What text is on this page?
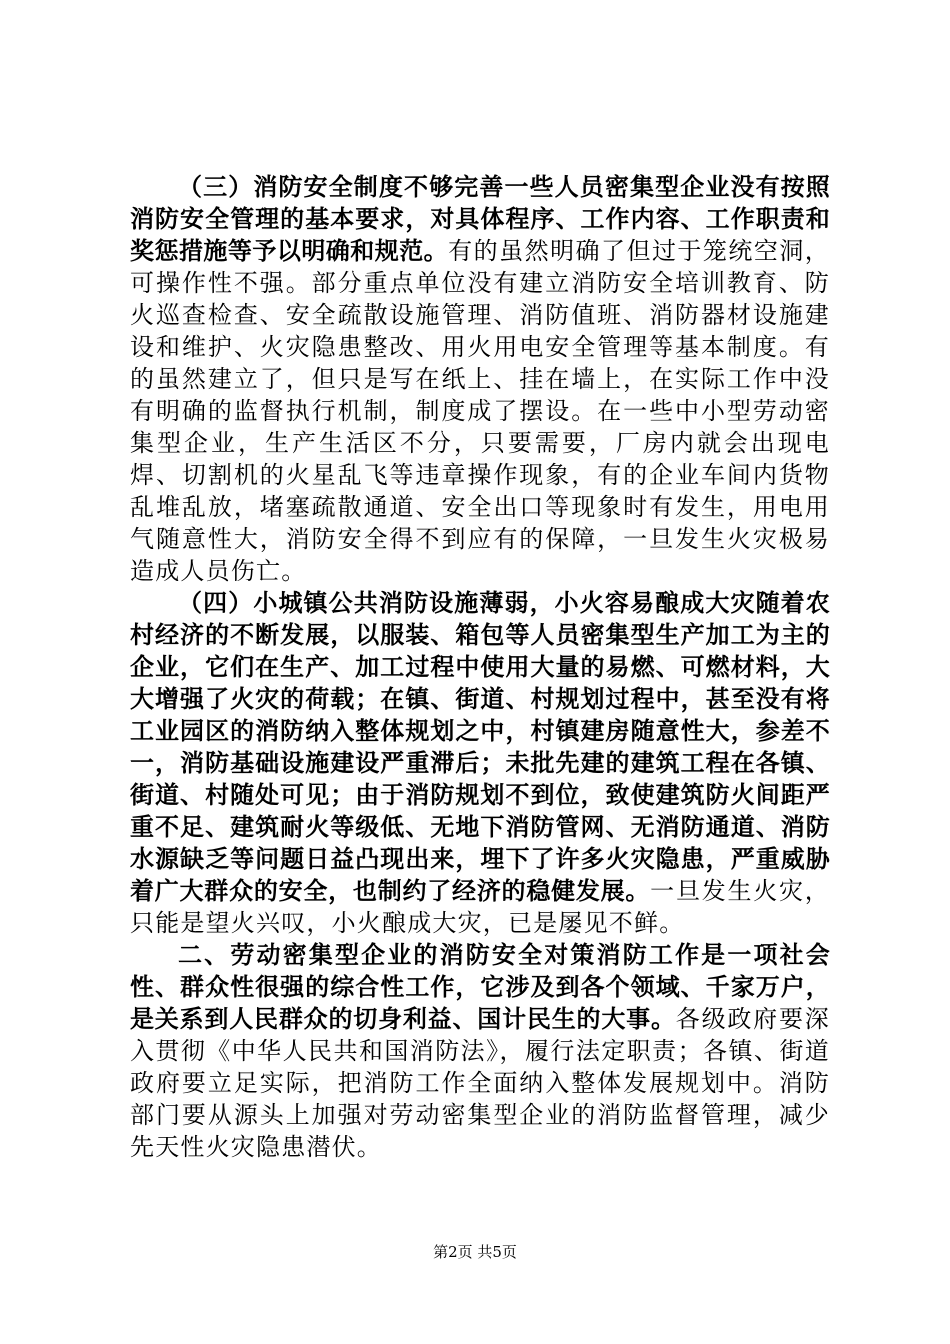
（三）消防安全制度不够完善一些人员密集型企业没有按照消防安全管理的基本要求，对具体程序、工作内容、工作职责和奖惩措施等予以明确和规范。有的虽然明确了但过于笼统空洞，可操作性不强。部分重点单位没有建立消防安全培训教育、防火巡查检查、安全疏散设施管理、消防值班、消防器材设施建设和维护、火灾隐患整改、用火用电安全管理等基本制度。有的虽然建立了，但只是写在纸上、挂在墙上，在实际工作中没有明确的监督执行机制，制度成了摆设。在一些中小型劳动密集型企业，生产生活区不分，只要需要，厂房内就会出现电焊、切割机的火星乱飞等违章操作现象，有的企业车间内货物乱堆乱放，堵塞疏散通道、安全出口等现象时有发生，用电用气随意性大，消防安全得不到应有的保障，一旦发生火灾极易造成人员伤亡。

（四）小城镇公共消防设施薄弱，小火容易酿成大灾随着农村经济的不断发展，以服装、箱包等人员密集型生产加工为主的企业，它们在生产、加工过程中使用大量的易燃、可燃材料，大大增强了火灾的荷载；在镇、街道、村规划过程中，甚至没有将工业园区的消防纳入整体规划之中，村镇建房随意性大，参差不一，消防基础设施建设严重滞后；未批先建的建筑工程在各镇、街道、村随处可见；由于消防规划不到位，致使建筑防火间距严重不足、建筑耐火等级低、无地下消防管网、无消防通道、消防水源缺乏等问题日益凸现出来，埋下了许多火灾隐患，严重威胁着广大群众的安全，也制约了经济的稳健发展。一旦发生火灾，只能是望火兴叹，小火酿成大灾，已是屡见不鲜。

二、劳动密集型企业的消防安全对策消防工作是一项社会性、群众性很强的综合性工作，它涉及到各个领域、千家万户，是关系到人民群众的切身利益、国计民生的大事。各级政府要深入贯彻《中华人民共和国消防法》，履行法定职责；各镇、街道政府要立足实际，把消防工作全面纳入整体发展规划中。消防部门要从源头上加强对劳动密集型企业的消防监督管理，减少先天性火灾隐患潜伏。

第2页 共5页
